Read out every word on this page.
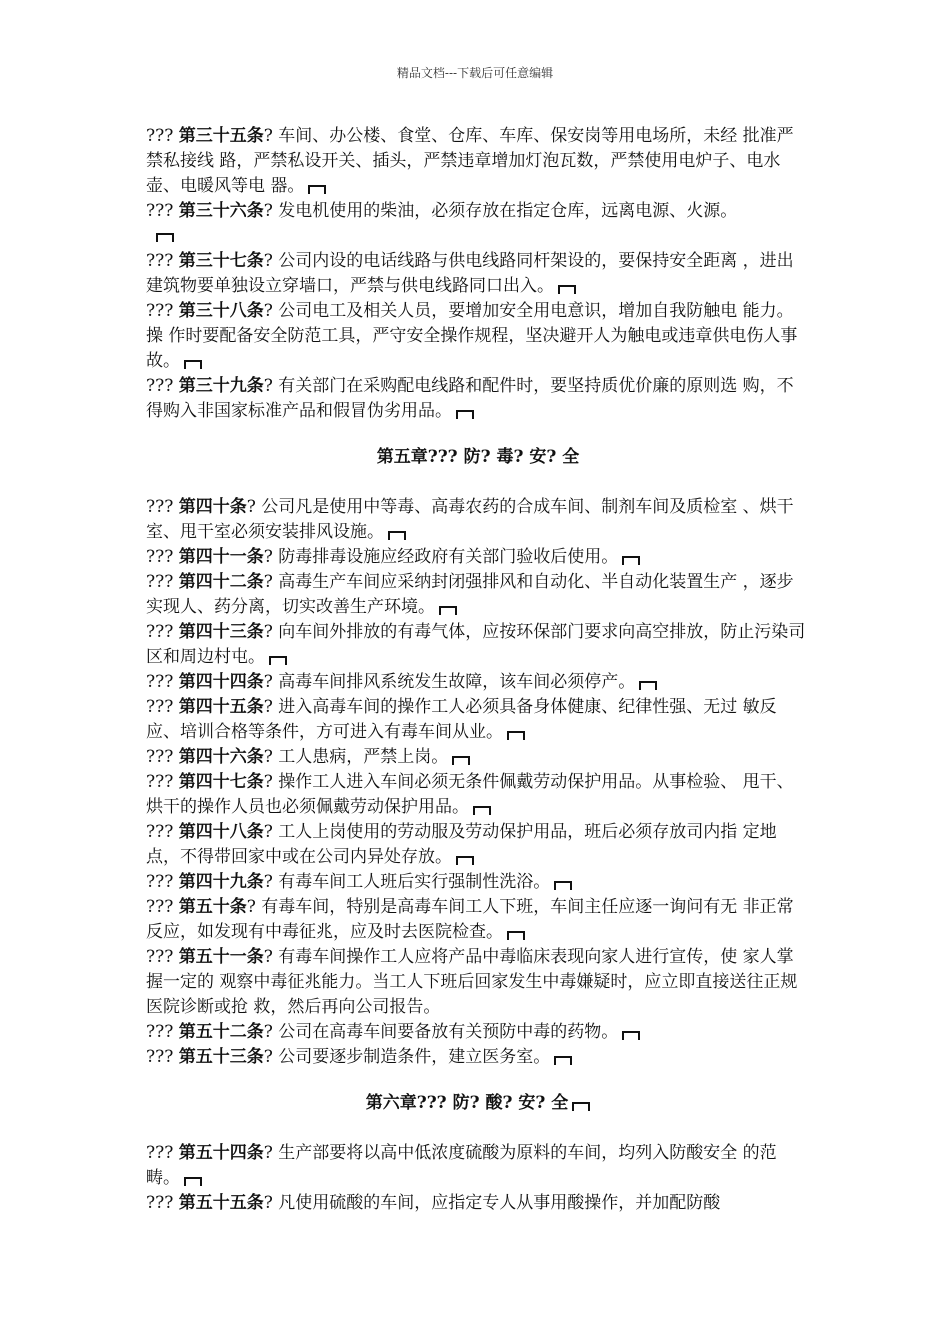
精品文档---下载后可任意编辑

??? 第三十五条? 车间、办公楼、食堂、仓库、车库、保安岗等用电场所，未经 批准严禁私接线 路，严禁私设开关、插头，严禁违章增加灯泡瓦数，严禁使用电炉子、电水壶、电暖风等电 器。

??? 第三十六条? 发电机使用的柴油，必须存放在指定仓库，远离电源、火源。

??? 第三十七条? 公司内设的电话线路与供电线路同杆架设的，要保持安全距离 ，进出建筑物要单独设立穿墙口，严禁与供电线路同口出入。

??? 第三十八条? 公司电工及相关人员，要增加安全用电意识，增加自我防触电 能力。操 作时要配备安全防范工具，严守安全操作规程，坚决避开人为触电或违章供电伤人事故。

??? 第三十九条? 有关部门在采购配电线路和配件时，要坚持质优价廉的原则选 购，不得购入非国家标准产品和假冒伪劣用品。

第五章??? 防? 毒? 安? 全

??? 第四十条? 公司凡是使用中等毒、高毒农药的合成车间、制剂车间及质检室 、烘干室、甩干室必须安装排风设施。

??? 第四十一条? 防毒排毒设施应经政府有关部门验收后使用。

??? 第四十二条? 高毒生产车间应采纳封闭强排风和自动化、半自动化装置生产 ，逐步实现人、药分离，切实改善生产环境。

??? 第四十三条? 向车间外排放的有毒气体，应按环保部门要求向高空排放，防止污染司区和周边村屯。

??? 第四十四条? 高毒车间排风系统发生故障，该车间必须停产。

??? 第四十五条? 进入高毒车间的操作工人必须具备身体健康、纪律性强、无过 敏反应、培训合格等条件，方可进入有毒车间从业。

??? 第四十六条? 工人患病，严禁上岗。

??? 第四十七条? 操作工人进入车间必须无条件佩戴劳动保护用品。从事检验、 甩干、烘干的操作人员也必须佩戴劳动保护用品。

??? 第四十八条? 工人上岗使用的劳动服及劳动保护用品，班后必须存放司内指 定地点，不得带回家中或在公司内异处存放。

??? 第四十九条? 有毒车间工人班后实行强制性洗浴。

??? 第五十条? 有毒车间，特别是高毒车间工人下班，车间主任应逐一询问有无 非正常反应，如发现有中毒征兆，应及时去医院检查。

??? 第五十一条? 有毒车间操作工人应将产品中毒临床表现向家人进行宣传，使 家人掌握一定的 观察中毒征兆能力。当工人下班后回家发生中毒嫌疑时，应立即直接送往正规医院诊断或抢 救，然后再向公司报告。

??? 第五十二条? 公司在高毒车间要备放有关预防中毒的药物。

??? 第五十三条? 公司要逐步制造条件，建立医务室。

第六章??? 防? 酸? 安? 全

??? 第五十四条? 生产部要将以高中低浓度硫酸为原料的车间，均列入防酸安全 的范畴。

??? 第五十五条? 凡使用硫酸的车间，应指定专人从事用酸操作，并加配防酸
